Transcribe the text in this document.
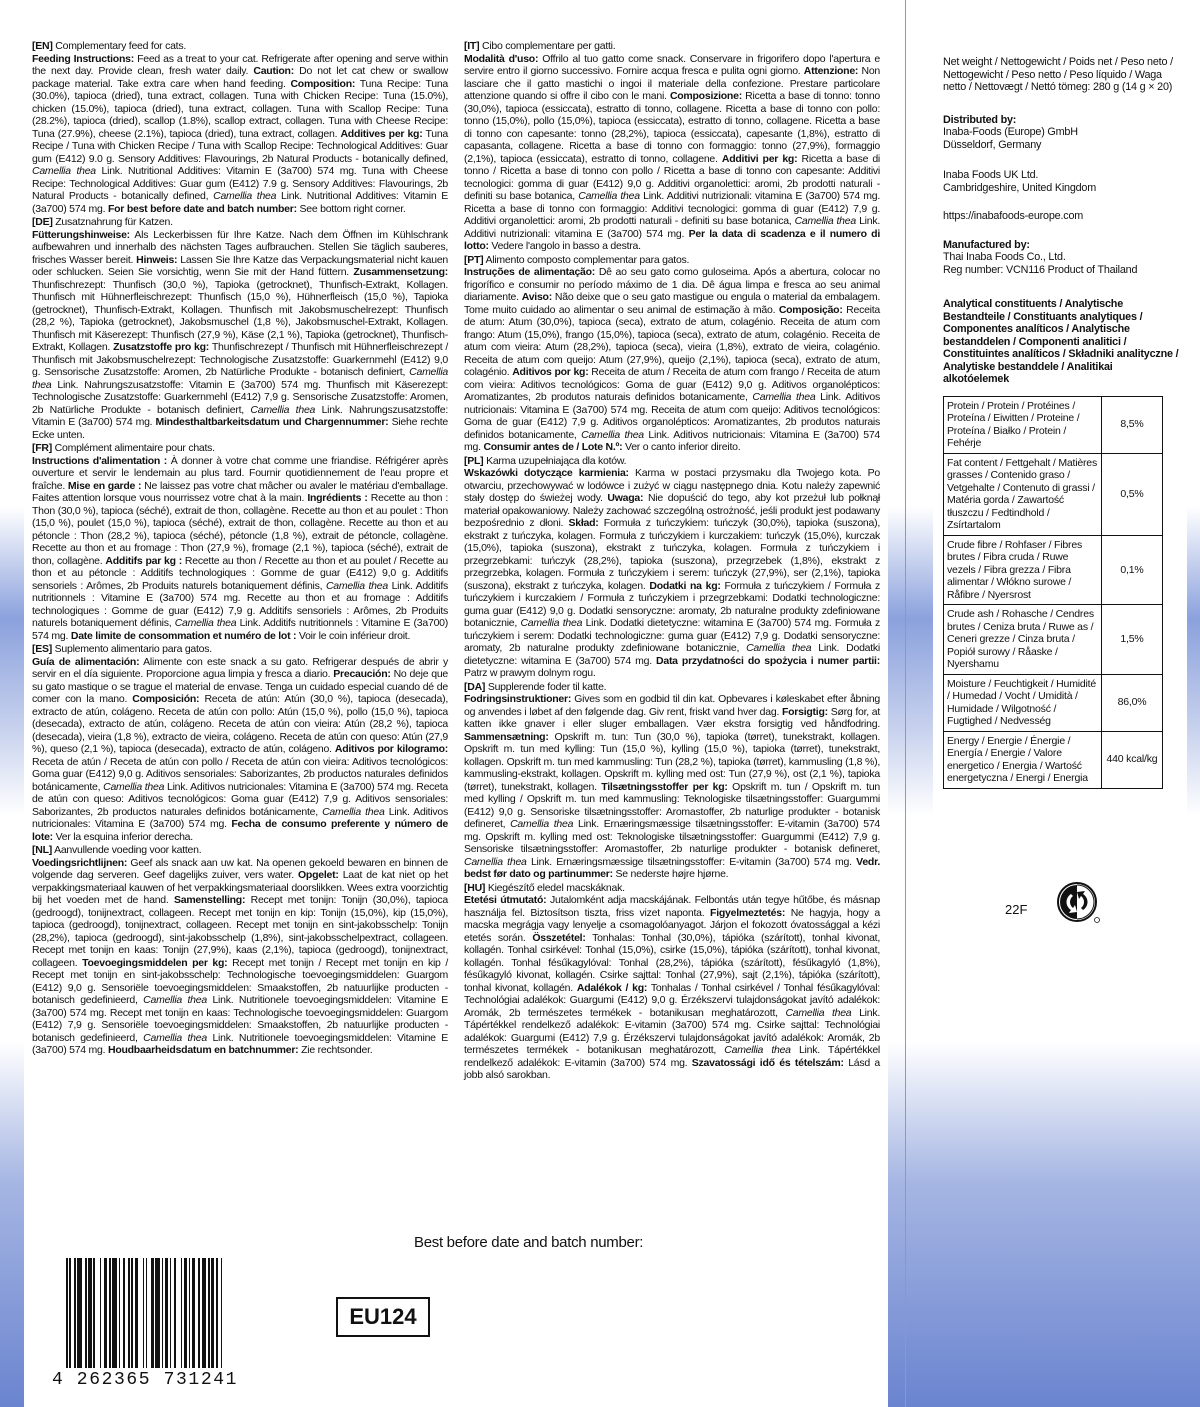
[EN] Complementary feed for cats.
Feeding Instructions: Feed as a treat to your cat. Refrigerate after opening and serve within the next day. Provide clean, fresh water daily. Caution: Do not let cat chew or swallow package material. Take extra care when hand feeding. Composition: Tuna Recipe: Tuna (30.0%), tapioca (dried), tuna extract, collagen. Tuna with Chicken Recipe: Tuna (15.0%), chicken (15.0%), tapioca (dried), tuna extract, collagen. Tuna with Scallop Recipe: Tuna (28.2%), tapioca (dried), scallop (1.8%), scallop extract, collagen. Tuna with Cheese Recipe: Tuna (27.9%), cheese (2.1%), tapioca (dried), tuna extract, collagen. Additives per kg: Tuna Recipe / Tuna with Chicken Recipe / Tuna with Scallop Recipe: Technological Additives: Guar gum (E412) 9.0 g. Sensory Additives: Flavourings, 2b Natural Products - botanically defined, Camellia thea Link. Nutritional Additives: Vitamin E (3a700) 574 mg. Tuna with Cheese Recipe: Technological Additives: Guar gum (E412) 7.9 g. Sensory Additives: Flavourings, 2b Natural Products - botanically defined, Camellia thea Link. Nutritional Additives: Vitamin E (3a700) 574 mg. For best before date and batch number: See bottom right corner.

[DE] Zusatznahrung für Katzen.
Fütterungshinweise: Als Leckerbissen für Ihre Katze. Nach dem Öffnen im Kühlschrank aufbewahren und innerhalb des nächsten Tages aufbrauchen. Stellen Sie täglich sauberes, frisches Wasser bereit. Hinweis: Lassen Sie Ihre Katze das Verpackungsmaterial nicht kauen oder schlucken. Seien Sie vorsichtig, wenn Sie mit der Hand füttern. Zusammensetzung: Thunfischrezept: Thunfisch (30,0 %), Tapioka (getrocknet), Thunfisch-Extrakt, Kollagen. Thunfisch mit Hühnerfleischrezept: Thunfisch (15,0 %), Hühnerfleisch (15,0 %), Tapioka (getrocknet), Thunfisch-Extrakt, Kollagen. Thunfisch mit Jakobsmuschelrezept: Thunfisch (28,2 %), Tapioka (getrocknet), Jakobsmuschel (1,8 %), Jakobsmuschel-Extrakt, Kollagen. Thunfisch mit Käserezept: Thunfisch (27,9 %), Käse (2,1 %), Tapioka (getrocknet), Thunfisch-Extrakt, Kollagen. Zusatzstoffe pro kg: Thunfischrezept / Thunfisch mit Hühnerfleischrezept / Thunfisch mit Jakobsmuschelrezept: Technologische Zusatzstoffe: Guarkernmehl (E412) 9,0 g. Sensorische Zusatzstoffe: Aromen, 2b Natürliche Produkte - botanisch definiert, Camellia thea Link. Nahrungszusatzstoffe: Vitamin E (3a700) 574 mg. Thunfisch mit Käserezept: Technologische Zusatzstoffe: Guarkernmehl (E412) 7,9 g. Sensorische Zusatzstoffe: Aromen, 2b Natürliche Produkte - botanisch definiert, Camellia thea Link. Nahrungszusatzstoffe: Vitamin E (3a700) 574 mg. Mindesthaltbarkeitsdatum und Chargennummer: Siehe rechte Ecke unten.

[FR] Complément alimentaire pour chats.
Instructions d'alimentation : À donner à votre chat comme une friandise. Réfrigérer après ouverture et servir le lendemain au plus tard. Fournir quotidiennement de l'eau propre et fraîche. Mise en garde : Ne laissez pas votre chat mâcher ou avaler le matériau d'emballage. Faites attention lorsque vous nourrissez votre chat à la main. Ingrédients : Recette au thon : Thon (30,0 %), tapioca (séché), extrait de thon, collagène. Recette au thon et au poulet : Thon (15,0 %), poulet (15,0 %), tapioca (séché), extrait de thon, collagène. Recette au thon et au pétoncle : Thon (28,2 %), tapioca (séché), pétoncle (1,8 %), extrait de pétoncle, collagène. Recette au thon et au fromage : Thon (27,9 %), fromage (2,1 %), tapioca (séché), extrait de thon, collagène. Additifs par kg : Recette au thon / Recette au thon et au poulet / Recette au thon et au pétoncle : Additifs technologiques : Gomme de guar (E412) 9,0 g. Additifs sensoriels : Arômes, 2b Produits naturels botaniquement définis, Camellia thea Link. Additifs nutritionnels : Vitamine E (3a700) 574 mg. Recette au thon et au fromage : Additifs technologiques : Gomme de guar (E412) 7,9 g. Additifs sensoriels : Arômes, 2b Produits naturels botaniquement définis, Camellia thea Link. Additifs nutritionnels : Vitamine E (3a700) 574 mg. Date limite de consommation et numéro de lot : Voir le coin inférieur droit.

[ES] Suplemento alimentario para gatos.
Guía de alimentación: Alimente con este snack a su gato. Refrigerar después de abrir y servir en el día siguiente. Proporcione agua limpia y fresca a diario. Precaución: No deje que su gato mastique o se trague el material de envase. Tenga un cuidado especial cuando dé de comer con la mano. Composición: Receta de atún: Atún (30,0 %), tapioca (desecada), extracto de atún, colágeno. Receta de atún con pollo: Atún (15,0 %), pollo (15,0 %), tapioca (desecada), extracto de atún, colágeno. Receta de atún con vieira: Atún (28,2 %), tapioca (desecada), vieira (1,8 %), extracto de vieira, colágeno. Receta de atún con queso: Atún (27,9 %), queso (2,1 %), tapioca (desecada), extracto de atún, colágeno. Aditivos por kilogramo: Receta de atún / Receta de atún con pollo / Receta de atún con vieira: Aditivos tecnológicos: Goma guar (E412) 9,0 g. Aditivos sensoriales: Saborizantes, 2b productos naturales definidos botánicamente, Camellia thea Link. Aditivos nutricionales: Vitamina E (3a700) 574 mg. Receta de atún con queso: Aditivos tecnológicos: Goma guar (E412) 7,9 g. Aditivos sensoriales: Saborizantes, 2b productos naturales definidos botánicamente, Camellia thea Link. Aditivos nutricionales: Vitamina E (3a700) 574 mg. Fecha de consumo preferente y número de lote: Ver la esquina inferior derecha.

[NL] Aanvullende voeding voor katten.
Voedingsrichtlijnen: Geef als snack aan uw kat. Na openen gekoeld bewaren en binnen de volgende dag serveren. Geef dagelijks zuiver, vers water. Opgelet: Laat de kat niet op het verpakkingsmateriaal kauwen of het verpakkingsmateriaal doorslikken. Wees extra voorzichtig bij het voeden met de hand. Samenstelling: Recept met tonijn: Tonijn (30,0%), tapioca (gedroogd), tonijnextract, collageen. Recept met tonijn en kip: Tonijn (15,0%), kip (15,0%), tapioca (gedroogd), tonijnextract, collageen. Recept met tonijn en sint-jakobsschelp: Tonijn (28,2%), tapioca (gedroogd), sint-jakobsschelp (1,8%), sint-jakobsschelpextract, collageen. Recept met tonijn en kaas: Tonijn (27,9%), kaas (2,1%), tapioca (gedroogd), tonijnextract, collageen. Toevoegingsmiddelen per kg: Recept met tonijn / Recept met tonijn en kip / Recept met tonijn en sint-jakobsschelp: Technologische toevoegingsmiddelen: Guargom (E412) 9,0 g. Sensoriële toevoegingsmiddelen: Smaakstoffen, 2b natuurlijke producten - botanisch gedefinieerd, Camellia thea Link. Nutritionele toevoegingsmiddelen: Vitamine E (3a700) 574 mg. Recept met tonijn en kaas: Technologische toevoegingsmiddelen: Guargom (E412) 7,9 g. Sensoriële toevoegingsmiddelen: Smaakstoffen, 2b natuurlijke producten - botanisch gedefinieerd, Camellia thea Link. Nutritionele toevoegingsmiddelen: Vitamine E (3a700) 574 mg. Houdbaarheidsdatum en batchnummer: Zie rechtsonder.

[IT] Cibo complementare per gatti.
Modalità d'uso: Offrilo al tuo gatto come snack. Conservare in frigorifero dopo l'apertura e servire entro il giorno successivo. Fornire acqua fresca e pulita ogni giorno. Attenzione: Non lasciare che il gatto mastichi o ingoi il materiale della confezione. Prestare particolare attenzione quando si offre il cibo con le mani. Composizione: Ricetta a base di tonno: tonno (30,0%), tapioca (essiccata), estratto di tonno, collagene. Ricetta a base di tonno con pollo: tonno (15,0%), pollo (15,0%), tapioca (essiccata), estratto di tonno, collagene. Ricetta a base di tonno con capesante: tonno (28,2%), tapioca (essiccata), capesante (1,8%), estratto di capasanta, collagene. Ricetta a base di tonno con formaggio: tonno (27,9%), formaggio (2,1%), tapioca (essiccata), estratto di tonno, collagene. Additivi per kg: Ricetta a base di tonno / Ricetta a base di tonno con pollo / Ricetta a base di tonno con capesante: Additivi tecnologici: gomma di guar (E412) 9,0 g. Additivi organolettici: aromi, 2b prodotti naturali - definiti su base botanica, Camellia thea Link. Additivi nutrizionali: vitamina E (3a700) 574 mg. Ricetta a base di tonno con formaggio: Additivi tecnologici: gomma di guar (E412) 7,9 g. Additivi organolettici: aromi, 2b prodotti naturali - definiti su base botanica, Camellia thea Link. Additivi nutrizionali: vitamina E (3a700) 574 mg. Per la data di scadenza e il numero di lotto: Vedere l'angolo in basso a destra.

[PT] Alimento composto complementar para gatos.
Instruções de alimentação: Dê ao seu gato como guloseima. Após a abertura, colocar no frigorífico e consumir no período máximo de 1 dia. Dê água limpa e fresca ao seu animal diariamente. Aviso: Não deixe que o seu gato mastigue ou engula o material da embalagem. Tome muito cuidado ao alimentar o seu animal de estimação à mão. Composição: Receita de atum: Atum (30,0%), tapioca (seca), extrato de atum, colagénio. Receita de atum com frango: Atum (15,0%), frango (15,0%), tapioca (seca), extrato de atum, colagénio. Receita de atum com vieira: Atum (28,2%), tapioca (seca), vieira (1,8%), extrato de vieira, colagénio. Receita de atum com queijo: Atum (27,9%), queijo (2,1%), tapioca (seca), extrato de atum, colagénio. Aditivos por kg: Receita de atum / Receita de atum com frango / Receita de atum com vieira: Aditivos tecnológicos: Goma de guar (E412) 9,0 g. Aditivos organolépticos: Aromatizantes, 2b produtos naturais definidos botanicamente, Camellia thea Link. Aditivos nutricionais: Vitamina E (3a700) 574 mg. Receita de atum com queijo: Aditivos tecnológicos: Goma de guar (E412) 7,9 g. Aditivos organolépticos: Aromatizantes, 2b produtos naturais definidos botanicamente, Camellia thea Link. Aditivos nutricionais: Vitamina E (3a700) 574 mg. Consumir antes de / Lote N.º: Ver o canto inferior direito.

[PL] Karma uzupełniająca dla kotów.
Wskazówki dotyczące karmienia: Karma w postaci przysmaku dla Twojego kota. Po otwarciu, przechowywać w lodówce i zużyć w ciągu następnego dnia. Kotu należy zapewnić stały dostęp do świeżej wody. Uwaga: Nie dopuścić do tego, aby kot przeżuł lub połknął materiał opakowaniowy. Należy zachować szczególną ostrożność, jeśli produkt jest podawany bezpośrednio z dłoni. Skład: Formuła z tuńczykiem: tuńczyk (30,0%), tapioka (suszona), ekstrakt z tuńczyka, kolagen. Formuła z tuńczykiem i kurczakiem: tuńczyk (15,0%), kurczak (15,0%), tapioka (suszona), ekstrakt z tuńczyka, kolagen. Formuła z tuńczykiem i przegrzebkami: tuńczyk (28,2%), tapioka (suszona), przegrzebek (1,8%), ekstrakt z przegrzebka, kolagen. Formuła z tuńczykiem i serem: tuńczyk (27,9%), ser (2,1%), tapioka (suszona), ekstrakt z tuńczyka, kolagen. Dodatki na kg: Formuła z tuńczykiem / Formuła z tuńczykiem i kurczakiem / Formuła z tuńczykiem i przegrzebkami: Dodatki technologiczne: guma guar (E412) 9,0 g. Dodatki sensoryczne: aromaty, 2b naturalne produkty zdefiniowane botanicznie, Camellia thea Link. Dodatki dietetyczne: witamina E (3a700) 574 mg. Formuła z tuńczykiem i serem: Dodatki technologiczne: guma guar (E412) 7,9 g. Dodatki sensoryczne: aromaty, 2b naturalne produkty zdefiniowane botanicznie, Camellia thea Link. Dodatki dietetyczne: witamina E (3a700) 574 mg. Data przydatności do spożycia i numer partii: Patrz w prawym dolnym rogu.

[DA] Supplerende foder til katte.
Fodringsinstruktioner: Gives som en godbid til din kat. Opbevares i køleskabet efter åbning og anvendes i løbet af den følgende dag. Giv rent, friskt vand hver dag. Forsigtig: Sørg for, at katten ikke gnaver i eller sluger emballagen. Vær ekstra forsigtig ved håndfodring. Sammensætning: Opskrift m. tun: Tun (30,0 %), tapioka (tørret), tunekstrakt, kollagen. Opskrift m. tun med kylling: Tun (15,0 %), kylling (15,0 %), tapioka (tørret), tunekstrakt, kollagen. Opskrift m. tun med kammusling: Tun (28,2 %), tapioka (tørret), kammusling (1,8 %), kammusling-ekstrakt, kollagen. Opskrift m. kylling med ost: Tun (27,9 %), ost (2,1 %), tapioka (tørret), tunekstrakt, kollagen. Tilsætningsstoffer per kg: Opskrift m. tun / Opskrift m. tun med kylling / Opskrift m. tun med kammusling: Teknologiske tilsætningsstoffer: Guargummi (E412) 9,0 g. Sensoriske tilsætningsstoffer: Aromastoffer, 2b naturlige produkter - botanisk defineret, Camellia thea Link. Ernæringsmæssige tilsætningsstoffer: E-vitamin (3a700) 574 mg. Opskrift m. kylling med ost: Teknologiske tilsætningsstoffer: Guargummi (E412) 7,9 g. Sensoriske tilsætningsstoffer: Aromastoffer, 2b naturlige produkter - botanisk defineret, Camellia thea Link. Ernæringsmæssige tilsætningsstoffer: E-vitamin (3a700) 574 mg. Vedr. bedst før dato og partinummer: Se nederste højre hjørne.

[HU] Kiegészítő eledel macskáknak.
Etetési útmutató: Jutalomként adja macskájának. Felbontás után tegye hűtőbe, és másnap használja fel. Biztosítson tiszta, friss vizet naponta. Figyelmeztetés: Ne hagyja, hogy a macska megrágja vagy lenyelje a csomagolóanyagot. Járjon el fokozott óvatossággal a kézi etetés során. Összetétel: Tonhalas: Tonhal (30,0%), tápióka (szárított), tonhal kivonat, kollagén. Tonhal csirkével: Tonhal (15,0%), csirke (15,0%), tápióka (szárított), tonhal kivonat, kollagén. Tonhal fésűkagylóval: Tonhal (28,2%), tápióka (szárított), fésűkagyló (1,8%), fésűkagyló kivonat, kollagén. Csirke sajttal: Tonhal (27,9%), sajt (2,1%), tápióka (szárított), tonhal kivonat, kollagén. Adalékok / kg: Tonhalas / Tonhal csirkével / Tonhal fésűkagylóval: Technológiai adalékok: Guargumi (E412) 9,0 g. Érzékszervi tulajdonságokat javító adalékok: Aromák, 2b természetes termékek - botanikusan meghatározott, Camellia thea Link. Tápértékkel rendelkező adalékok: E-vitamin (3a700) 574 mg. Csirke sajttal: Technológiai adalékok: Guargumi (E412) 7,9 g. Érzékszervi tulajdonságokat javító adalékok: Aromák, 2b természetes termékek - botanikusan meghatározott, Camellia thea Link. Tápértékkel rendelkező adalékok: E-vitamin (3a700) 574 mg. Szavatossági idő és tételszám: Lásd a jobb alsó sarokban.

Best before date and batch number:
4 262365 731241
EU124

Net weight / Nettogewicht / Poids net / Peso neto / Nettogewicht / Peso netto / Peso líquido / Waga netto / Nettovægt / Nettó tömeg: 280 g (14 g × 20)

Distributed by:

Inaba-Foods (Europe) GmbH

Düsseldorf, Germany

Inaba Foods UK Ltd.

Cambridgeshire, United Kingdom

https://inabafoods-europe.com

Manufactured by:

Thai Inaba Foods Co., Ltd.

Reg number: VCN116 Product of Thailand

Analytical constituents / Analytische Bestandteile / Constituants analytiques / Componentes analíticos / Analytische bestanddelen / Componenti analitici / Constituintes analíticos / Składniki analityczne / Analytiske bestanddele / Analitikai alkotóelemek

Protein / Protein / Protéines / Proteína / Eiwitten / Proteine / Proteína / Białko / Protein / Fehérje	8,5%
Fat content / Fettgehalt / Matières grasses / Contenido graso / Vetgehalte / Contenuto di grassi / Matéria gorda / Zawartość tłuszczu / Fedtindhold / Zsírtartalom	0,5%
Crude fibre / Rohfaser / Fibres brutes / Fibra cruda / Ruwe vezels / Fibra grezza / Fibra alimentar / Włókno surowe / Råfibre / Nyersrost	0,1%
Crude ash / Rohasche / Cendres brutes / Ceniza bruta / Ruwe as / Ceneri grezze / Cinza bruta / Popiół surowy / Råaske / Nyershamu	1,5%
Moisture / Feuchtigkeit / Humidité / Humedad / Vocht / Umidità / Humidade / Wilgotność / Fugtighed / Nedvesség	86,0%
Energy / Energie / Énergie / Energía / Energie / Valore energetico / Energia / Wartość energetyczna / Energi / Energia	440 kcal/kg
22F
